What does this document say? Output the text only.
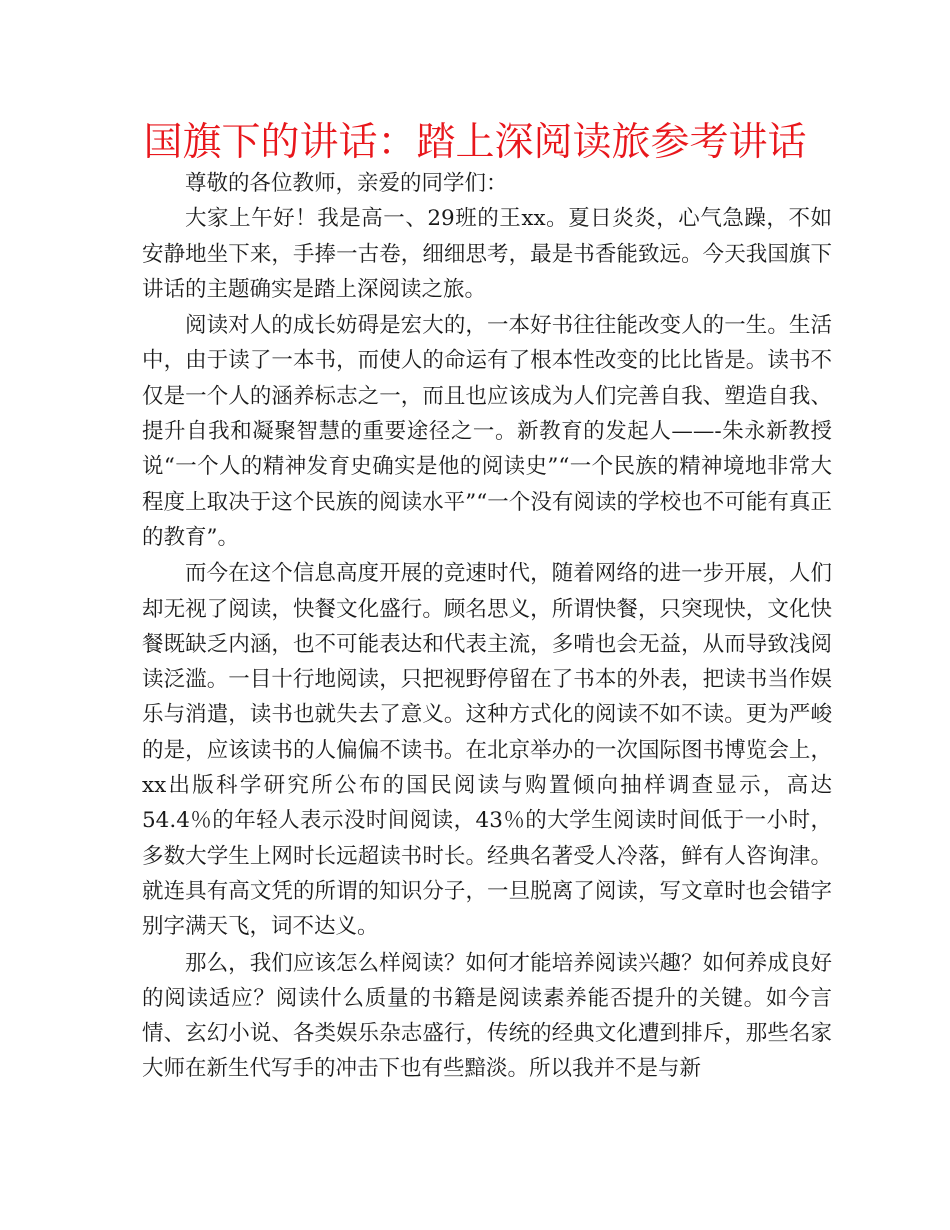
国旗下的讲话：踏上深阅读旅参考讲话

尊敬的各位教师，亲爱的同学们：

大家上午好！我是高一、29班的王xx。夏日炎炎，心气急躁，不如安静地坐下来，手捧一古卷，细细思考，最是书香能致远。今天我国旗下讲话的主题确实是踏上深阅读之旅。

阅读对人的成长妨碍是宏大的，一本好书往往能改变人的一生。生活中，由于读了一本书，而使人的命运有了根本性改变的比比皆是。读书不仅是一个人的涵养标志之一，而且也应该成为人们完善自我、塑造自我、提升自我和凝聚智慧的重要途径之一。新教育的发起人——-朱永新教授说“一个人的精神发育史确实是他的阅读史”“一个民族的精神境地非常大程度上取决于这个民族的阅读水平”“一个没有阅读的学校也不可能有真正的教育”。

而今在这个信息高度开展的竞速时代，随着网络的进一步开展，人们却无视了阅读，快餐文化盛行。顾名思义，所谓快餐，只突现快，文化快餐既缺乏内涵，也不可能表达和代表主流，多啃也会无益，从而导致浅阅读泛滥。一目十行地阅读，只把视野停留在了书本的外表，把读书当作娱乐与消遣，读书也就失去了意义。这种方式化的阅读不如不读。更为严峻的是，应该读书的人偏偏不读书。在北京举办的一次国际图书博览会上，xx出版科学研究所公布的国民阅读与购置倾向抽样调查显示，高达54.4％的年轻人表示没时间阅读，43％的大学生阅读时间低于一小时，多数大学生上网时长远超读书时长。经典名著受人冷落，鲜有人咨询津。就连具有高文凭的所谓的知识分子，一旦脱离了阅读，写文章时也会错字别字满天飞，词不达义。

那么，我们应该怎么样阅读？如何才能培养阅读兴趣？如何养成良好的阅读适应？阅读什么质量的书籍是阅读素养能否提升的关键。如今言情、玄幻小说、各类娱乐杂志盛行，传统的经典文化遭到排斥，那些名家大师在新生代写手的冲击下也有些黯淡。所以我并不是与新
